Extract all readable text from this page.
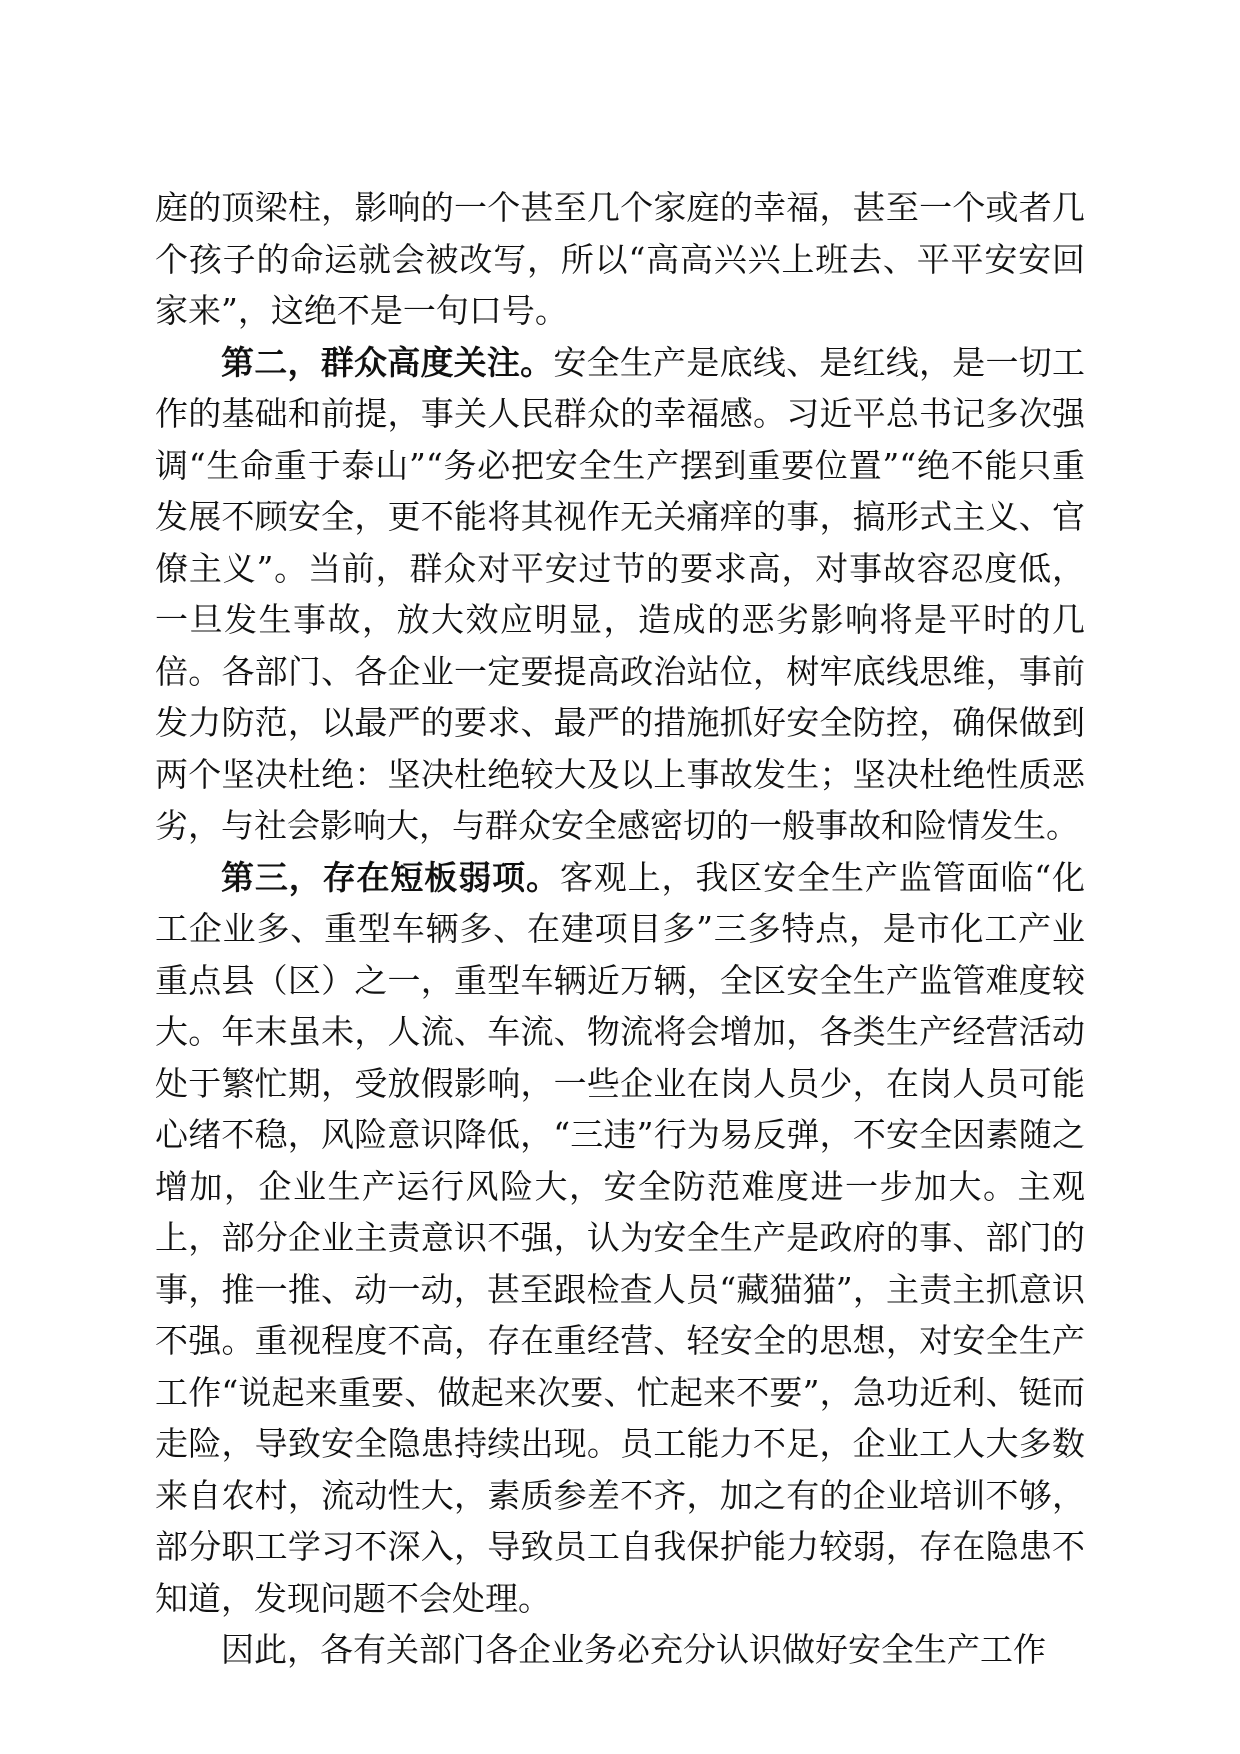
庭的顶梁柱，影响的一个甚至几个家庭的幸福，甚至一个或者几个孩子的命运就会被改写，所以“高高兴兴上班去、平平安安回家来”，这绝不是一句口号。

第二，群众高度关注。安全生产是底线、是红线，是一切工作的基础和前提，事关人民群众的幸福感。习近平总书记多次强调“生命重于泰山”“务必把安全生产摆到重要位置”“绝不能只重发展不顾安全，更不能将其视作无关痛痒的事，搞形式主义、官僚主义”。当前，群众对平安过节的要求高，对事故容忍度低，一旦发生事故，放大效应明显，造成的恶劣影响将是平时的几倍。各部门、各企业一定要提高政治站位，树牢底线思维，事前发力防范，以最严的要求、最严的措施抓好安全防控，确保做到两个坚决杜绝：坚决杜绝较大及以上事故发生；坚决杜绝性质恶劣，与社会影响大，与群众安全感密切的一般事故和险情发生。

第三，存在短板弱项。客观上，我区安全生产监管面临“化工企业多、重型车辆多、在建项目多”三多特点，是市化工产业重点县（区）之一，重型车辆近万辆，全区安全生产监管难度较大。年末虽未，人流、车流、物流将会增加，各类生产经营活动处于繁忙期，受放假影响，一些企业在岗人员少，在岗人员可能心绪不稳，风险意识降低，“三违”行为易反弹，不安全因素随之增加，企业生产运行风险大，安全防范难度进一步加大。主观上，部分企业主责意识不强，认为安全生产是政府的事、部门的事，推一推、动一动，甚至跟检查人员“藏猫猫”，主责主抓意识不强。重视程度不高，存在重经营、轻安全的思想，对安全生产工作“说起来重要、做起来次要、忙起来不要”，急功近利、铤而走险，导致安全隐患持续出现。员工能力不足，企业工人大多数来自农村，流动性大，素质参差不齐，加之有的企业培训不够，部分职工学习不深入，导致员工自我保护能力较弱，存在隐患不知道，发现问题不会处理。

因此，各有关部门各企业务必充分认识做好安全生产工作
